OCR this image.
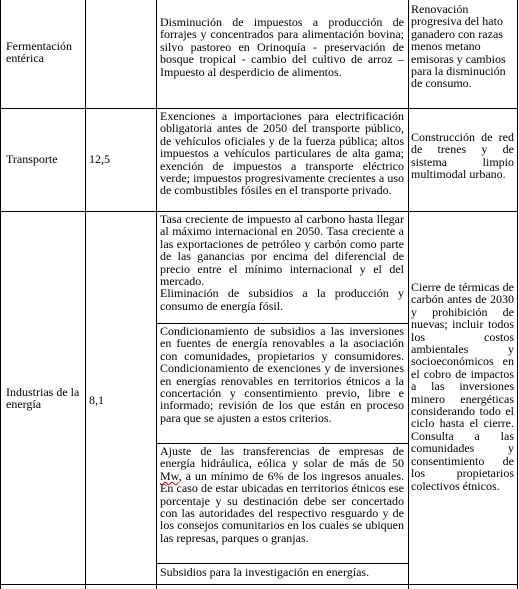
Fermentación entérica

Disminución de impuestos a producción de forrajes y concentrados para alimentación bovina; silvo pastoreo en Orinoquía - preservación de bosque tropical - cambio del cultivo de arroz – Impuesto al desperdicio de alimentos.

Renovación progresiva del hato ganadero con razas menos metano emisoras y cambios para la disminución de consumo.
Transporte	12,5

Exenciones a importaciones para electrificación obligatoria antes de 2050 del transporte público, de vehículos oficiales y de la fuerza pública; altos impuestos a vehículos particulares de alta gama; exención de impuestos a transporte eléctrico verde; impuestos progresivamente crecientes a uso de combustibles fósiles en el transporte privado.

Construcción de red de trenes y de sistema limpio multimodal urbano.
Industrias de la energía	8,1

Tasa creciente de impuesto al carbono hasta llegar al máximo internacional en 2050. Tasa creciente a las exportaciones de petróleo y carbón como parte de las ganancias por encima del diferencial de precio entre el mínimo internacional y el del mercado.

Eliminación de subsidios a la producción y consumo de energía fósil.

Condicionamiento de subsidios a las inversiones en fuentes de energía renovables a la asociación con comunidades, propietarios y consumidores. Condicionamiento de exenciones y de inversiones en energías renovables en territorios étnicos a la concertación y consentimiento previo, libre e informado; revisión de los que están en proceso para que se ajusten a estos criterios.

Ajuste de las transferencias de empresas de energía hidráulica, eólica y solar de más de 50 Mw, a un mínimo de 6% de los ingresos anuales. En caso de estar ubicadas en territorios étnicos ese porcentaje y su destinación debe ser concertado con las autoridades del respectivo resguardo y de los consejos comunitarios en los cuales se ubiquen las represas, parques o granjas.

Subsidios para la investigación en energías.

Cierre de térmicas de carbón antes de 2030 y prohibición de nuevas; incluir todos los costos ambientales y socioeconómicos en el cobro de impactos a las inversiones minero energéticas considerando todo el ciclo hasta el cierre. Consulta a las comunidades y consentimiento de los propietarios colectivos étnicos.
